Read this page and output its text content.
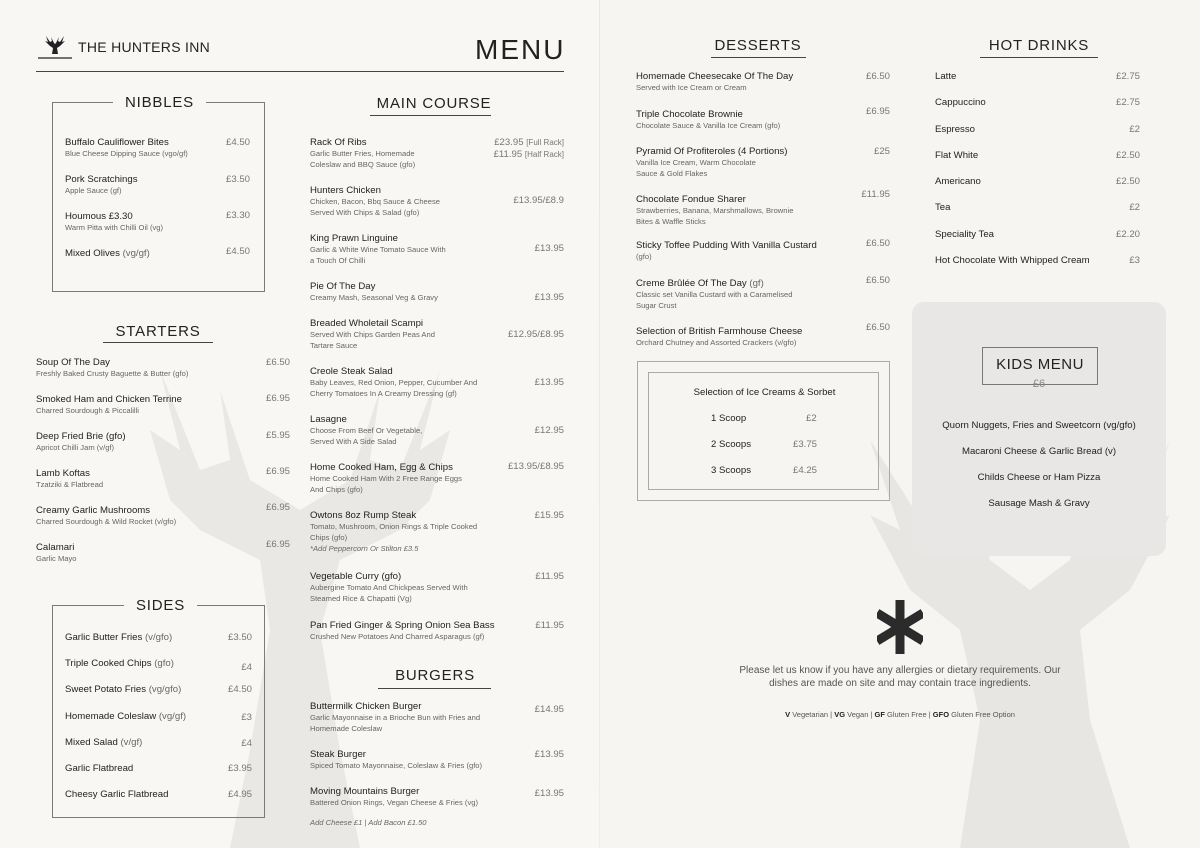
THE HUNTERS INN	MENU
NIBBLES
Buffalo Cauliflower Bites
Blue Cheese Dipping Sauce (vgo/gf)
£4.50
Pork Scratchings
Apple Sauce (gf)
£3.50
Houmous £3.30
Warm Pitta with Chilli Oil (vg)
£3.30
Mixed Olives (vg/gf)	£4.50
STARTERS
Soup Of The Day
Freshly Baked Crusty Baguette & Butter (gfo)
£6.50
Smoked Ham and Chicken Terrine
Charred Sourdough & Piccalilli
£6.95
Deep Fried Brie (gfo)
Apricot Chilli Jam (v/gf)
£5.95
Lamb Koftas
Tzatziki & Flatbread
£6.95
Creamy Garlic Mushrooms
Charred Sourdough & Wild Rocket (v/gfo)
£6.95
Calamari
Garlic Mayo
£6.95
SIDES
Garlic Butter Fries (v/gfo)	£3.50
Triple Cooked Chips (gfo)	£4
Sweet Potato Fries (vg/gfo)	£4.50
Homemade Coleslaw (vg/gf)	£3
Mixed Salad (v/gf)	£4
Garlic Flatbread	£3.95
Cheesy Garlic Flatbread	£4.95
MAIN COURSE
Rack Of Ribs
Garlic Butter Fries, Homemade
Coleslaw and BBQ Sauce (gfo)
£23.95 [Full Rack]
£11.95 [Half Rack]
Hunters Chicken
Chicken, Bacon, Bbq Sauce & Cheese
Served With Chips & Salad (gfo)
£13.95/£8.9
King Prawn Linguine
Garlic & White Wine Tomato Sauce With
a Touch Of Chilli
£13.95
Pie Of The Day
Creamy Mash, Seasonal Veg & Gravy	£13.95
Breaded Wholetail Scampi
Served With Chips Garden Peas And
Tartare Sauce
£12.95/£8.95
Creole Steak Salad
Baby Leaves, Red Onion, Pepper, Cucumber And
Cherry Tomatoes In A Creamy Dressing (gf)
£13.95
Lasagne
Choose From Beef Or Vegetable,
Served With A Side Salad
£12.95
Home Cooked Ham, Egg & Chips
Home Cooked Ham With 2 Free Range Eggs
And Chips (gfo)
£13.95/£8.95
Owtons 8oz Rump Steak
Tomato, Mushroom, Onion Rings & Triple Cooked
Chips (gfo)
*Add Peppercorn Or Stilton £3.5
£15.95
Vegetable Curry (gfo)
Aubergine Tomato And Chickpeas Served With
Steamed Rice & Chapatti (Vg)
£11.95
Pan Fried Ginger & Spring Onion Sea Bass
Crushed New Potatoes And Charred Asparagus (gf)
£11.95
BURGERS
Buttermilk Chicken Burger
Garlic Mayonnaise in a Brioche Bun with Fries and
Homemade Coleslaw
£14.95
Steak Burger
Spiced Tomato Mayonnaise, Coleslaw & Fries (gfo)
£13.95
Moving Mountains Burger
Battered Onion Rings, Vegan Cheese & Fries (vg)
£13.95
Add Cheese £1 | Add Bacon £1.50
DESSERTS
Homemade Cheesecake Of The Day
Served with Ice Cream or Cream
£6.50
Triple Chocolate Brownie
Chocolate Sauce & Vanilla Ice Cream (gfo)
£6.95
Pyramid Of Profiteroles (4 Portions)
Vanilla Ice Cream, Warm Chocolate
Sauce & Gold Flakes
£25
Chocolate Fondue Sharer
Strawberries, Banana, Marshmallows, Brownie
Bites & Waffle Sticks
£11.95
Sticky Toffee Pudding With Vanilla Custard
(gfo)
£6.50
Creme Brûlée Of The Day (gf)
Classic set Vanilla Custard with a Caramelised
Sugar Crust
£6.50
Selection of British Farmhouse Cheese
Orchard Chutney and Assorted Crackers (v/gfo)
£6.50
Selection of Ice Creams & Sorbet
1 Scoop	£2
2 Scoops	£3.75
3 Scoops	£4.25
HOT DRINKS
Latte	£2.75
Cappuccino	£2.75
Espresso	£2
Flat White	£2.50
Americano	£2.50
Tea	£2
Speciality Tea	£2.20
Hot Chocolate With Whipped Cream	£3
KIDS MENU
£6
Quorn Nuggets, Fries and Sweetcorn (vg/gfo)
Macaroni Cheese & Garlic Bread (v)
Childs Cheese or Ham Pizza
Sausage Mash & Gravy
Please let us know if you have any allergies or dietary requirements. Our
dishes are made on site and may contain trace ingredients.
V Vegetarian | VG Vegan | GF Gluten Free | GFO Gluten Free Option
